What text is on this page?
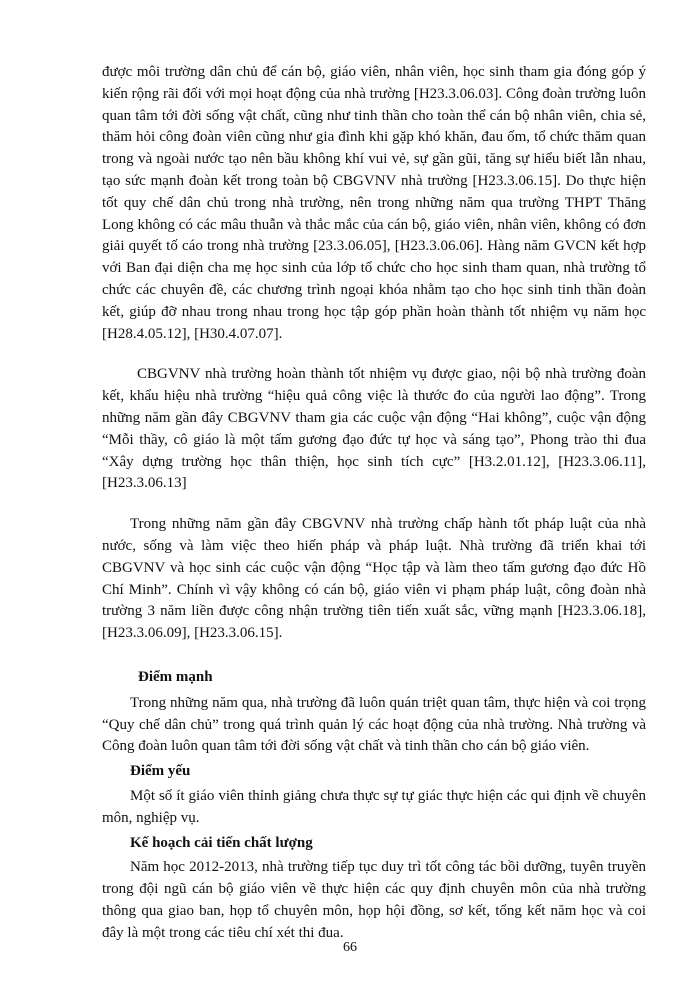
được môi trường dân chủ để cán bộ, giáo viên, nhân viên, học sinh tham gia đóng góp ý kiến rộng rãi đối với mọi hoạt động của nhà trường [H23.3.06.03]. Công đoàn trường luôn quan tâm tới đời sống vật chất, cũng như tinh thần cho toàn thể cán bộ nhân viên, chia sẻ, thăm hỏi công đoàn viên cũng như gia đình khi gặp khó khăn, đau ốm, tổ chức thăm quan trong và ngoài nước tạo nên bầu không khí vui vẻ, sự gần gũi, tăng sự hiểu biết lẫn nhau, tạo sức mạnh đoàn kết trong toàn bộ CBGVNV nhà trường [H23.3.06.15]. Do thực hiện tốt quy chế dân chủ trong nhà trường, nên trong những năm qua trường THPT Thăng Long không có các mâu thuẫn và thắc mắc của cán bộ, giáo viên, nhân viên, không có đơn giải quyết tố cáo trong nhà trường [23.3.06.05], [H23.3.06.06]. Hàng năm GVCN kết hợp với Ban đại diện cha mẹ học sinh của lớp tổ chức cho học sinh tham quan, nhà trường tổ chức các chuyên đề, các chương trình ngoại khóa nhằm tạo cho học sinh tinh thần đoàn kết, giúp đỡ nhau trong nhau trong học tập góp phần hoàn thành tốt nhiệm vụ năm học [H28.4.05.12], [H30.4.07.07].

CBGVNV nhà trường hoàn thành tốt nhiệm vụ được giao, nội bộ nhà trường đoàn kết, khẩu hiệu nhà trường “hiệu quả công việc là thước đo của người lao động”. Trong những năm gần đây CBGVNV tham gia các cuộc vận động “Hai không”, cuộc vận động “Mỗi thầy, cô giáo là một tấm gương đạo đức tự học và sáng tạo”, Phong trào thi đua “Xây dựng trường học thân thiện, học sinh tích cực” [H3.2.01.12], [H23.3.06.11], [H23.3.06.13]

Trong những năm gần đây CBGVNV nhà trường chấp hành tốt pháp luật của nhà nước, sống và làm việc theo hiến pháp và pháp luật. Nhà trường đã triển khai tới CBGVNV và học sinh các cuộc vận động “Học tập và làm theo tấm gương đạo đức Hồ Chí Minh”. Chính vì vậy không có cán bộ, giáo viên vi phạm pháp luật, công đoàn nhà trường 3 năm liền được công nhận trường tiên tiến xuất sắc, vững mạnh [H23.3.06.18], [H23.3.06.09], [H23.3.06.15].

Điểm mạnh

Trong những năm qua, nhà trường đã luôn quán triệt quan tâm, thực hiện và coi trọng “Quy chế dân chủ” trong quá trình quản lý các hoạt động của nhà trường. Nhà trường và Công đoàn luôn quan tâm tới đời sống vật chất và tinh thần cho cán bộ giáo viên.

Điểm yếu

Một số ít giáo viên thỉnh giảng chưa thực sự tự giác thực hiện các qui định về chuyên môn, nghiệp vụ.

Kế hoạch cải tiến chất lượng

Năm học 2012-2013, nhà trường tiếp tục duy trì tốt công tác bồi dưỡng, tuyên truyền trong đội ngũ cán bộ giáo viên về thực hiện các quy định chuyên môn của nhà trường thông qua giao ban, họp tổ chuyên môn, họp hội đồng, sơ kết, tổng kết năm học và coi đây là một trong các tiêu chí xét thi đua.

66
